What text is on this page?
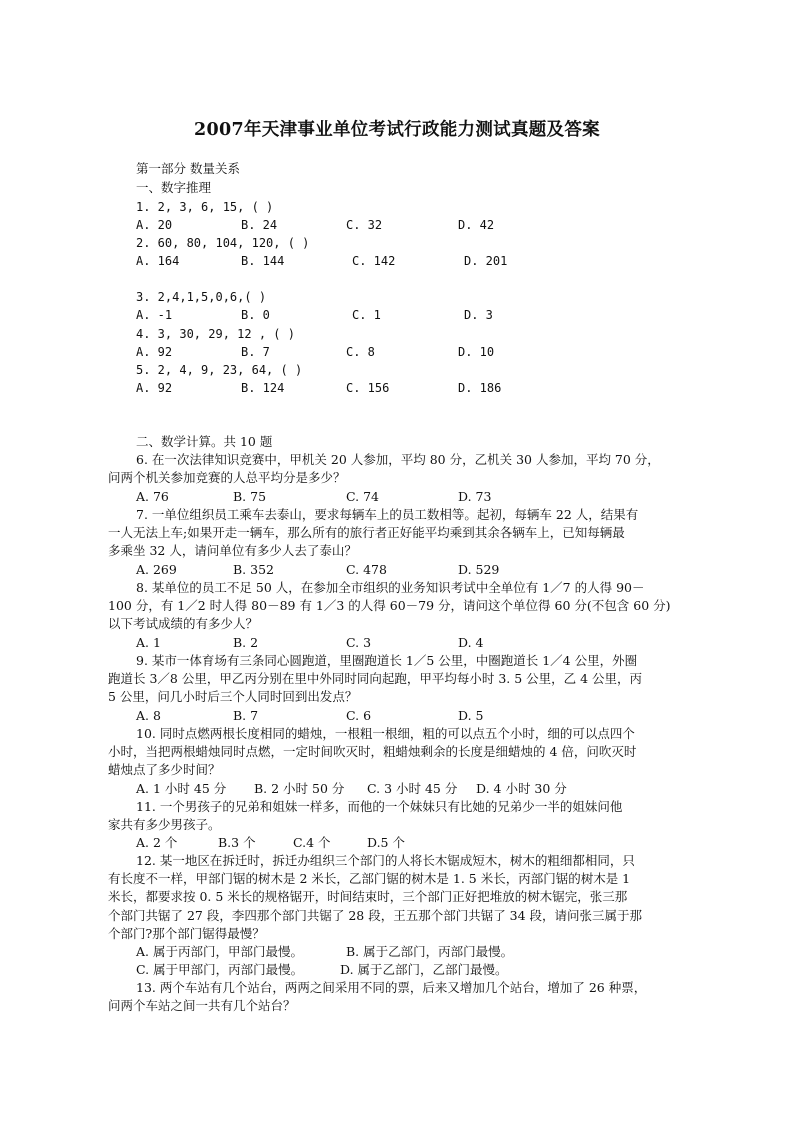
2007年天津事业单位考试行政能力测试真题及答案
第一部分 数量关系
一、数字推理
1. 2, 3, 6, 15, ( )
A. 20	B. 24	C. 32	D. 42
2. 60, 80, 104, 120, ( )
A. 164	B. 144	C. 142	D. 201
3. 2,4,1,5,0,6,( )
A. -1	B. 0	C. 1	D. 3
4. 3, 30, 29, 12 , ( )
A. 92	B. 7	C. 8	D. 10
5. 2, 4, 9, 23, 64, ( )
A. 92	B. 124	C. 156	D. 186
二、数学计算。共 10 题
6. 在一次法律知识竞赛中，甲机关 20 人参加，平均 80 分，乙机关 30 人参加，平均 70 分，
问两个机关参加竞赛的人总平均分是多少？
A. 76	B. 75	C. 74	D. 73
7. 一单位组织员工乘车去泰山，要求每辆车上的员工数相等。起初，每辆车 22 人，结果有
一人无法上车;如果开走一辆车，那么所有的旅行者正好能平均乘到其余各辆车上，已知每辆最
多乘坐 32 人，请问单位有多少人去了泰山？
A. 269	B. 352	C. 478	D. 529
8. 某单位的员工不足 50 人，在参加全市组织的业务知识考试中全单位有 1／7 的人得 90－
100 分，有 1／2 时人得 80－89 有 1／3 的人得 60－79 分，请问这个单位得 60 分(不包含 60 分)
以下考试成绩的有多少人？
A. 1	B. 2	C. 3	D. 4
9. 某市一体育场有三条同心圆跑道，里圈跑道长 1／5 公里，中圈跑道长 1／4 公里，外圈
跑道长 3／8 公里，甲乙丙分别在里中外同时同向起跑，甲平均每小时 3. 5 公里，乙 4 公里，丙
5 公里，问几小时后三个人同时回到出发点？
A. 8	B. 7	C. 6	D. 5
10. 同时点燃两根长度相同的蜡烛，一根粗一根细，粗的可以点五个小时，细的可以点四个
小时，当把两根蜡烛同时点燃，一定时间吹灭时，粗蜡烛剩余的长度是细蜡烛的 4 倍，问吹灭时
蜡烛点了多少时间？
A. 1 小时 45 分 B. 2 小时 50 分 C. 3 小时 45 分 D. 4 小时 30 分
11. 一个男孩子的兄弟和姐妹一样多，而他的一个妹妹只有比她的兄弟少一半的姐妹问他
家共有多少男孩子。
A. 2 个	B.3 个	C.4 个	D.5 个
12. 某一地区在拆迁时，拆迁办组织三个部门的人将长木锯成短木，树木的粗细都相同，只
有长度不一样，甲部门锯的树木是 2 米长，乙部门锯的树木是 1. 5 米长，丙部门锯的树木是 1
米长，都要求按 0. 5 米长的规格锯开，时间结束时，三个部门正好把堆放的树木锯完，张三那
个部门共锯了 27 段，李四那个部门共锯了 28 段，王五那个部门共锯了 34 段，请问张三属于那
个部门?那个部门锯得最慢？
A. 属于丙部门，甲部门最慢。	B. 属于乙部门，丙部门最慢。
C. 属于甲部门，丙部门最慢。	D. 属于乙部门，乙部门最慢。
13. 两个车站有几个站台，两两之间采用不同的票，后来又增加几个站台，增加了 26 种票，
问两个车站之间一共有几个站台？
